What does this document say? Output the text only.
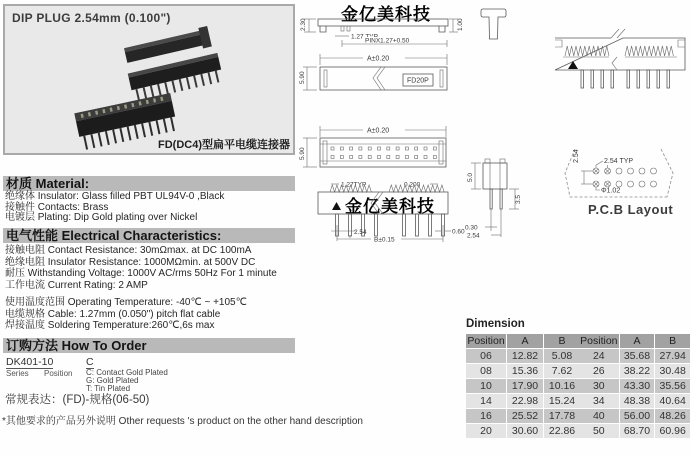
DIP PLUG 2.54mm (0.100")
FD(DC4)型扁平电缆连接器
金亿美科技
金亿美科技
材质 Material:
绝缘体 Insulator: Glass filled PBT UL94V-0 ,Black
接触件 Contacts: Brass
电镀层 Plating: Dip Gold plating over Nickel
电气性能 Electrical Characteristics:
接触电阻 Contact Resistance: 30mΩmax. at DC 100mA
绝缘电阻 Insulator Resistance: 1000MΩmin. at 500V DC
耐压 Withstanding Voltage: 1000V AC/rms 50Hz For 1 minute
工作电流 Current Rating: 2 AMP
使用温度范围 Operating Temperature: -40℃ ~ +105℃
电缆规格 Cable: 1.27mm (0.050") pitch flat cable
焊接温度 Soldering Temperature:260℃,6s max
订购方法 How To Order
DK401-10	C
Series Position C: Contact Gold Plated
G: Gold Plated
T: Tin Plated
常规表达：(FD)-规格(06-50)
*其他要求的产品另外说明 Other requests 's product on the other hand description
2.30	1.00
1.27 TYP
PINX1.27+0.50
A±0.20
FD20P
5.90
A±0.20
5.90
1.27TYP	0.200
2.54	0.60
B±0.15
5.0
3.5
0.30
2.54
2.54	2.54 TYP
Φ1.02
P.C.B Layout
Dimension
Position	A	B
06	12.82	5.08
08	15.36	7.62
10	17.90	10.16
14	22.98	15.24
16	25.52	17.78
20	30.60	22.86
Position	A	B
24	35.68	27.94
26	38.22	30.48
30	43.30	35.56
34	48.38	40.64
40	56.00	48.26
50	68.70	60.96
